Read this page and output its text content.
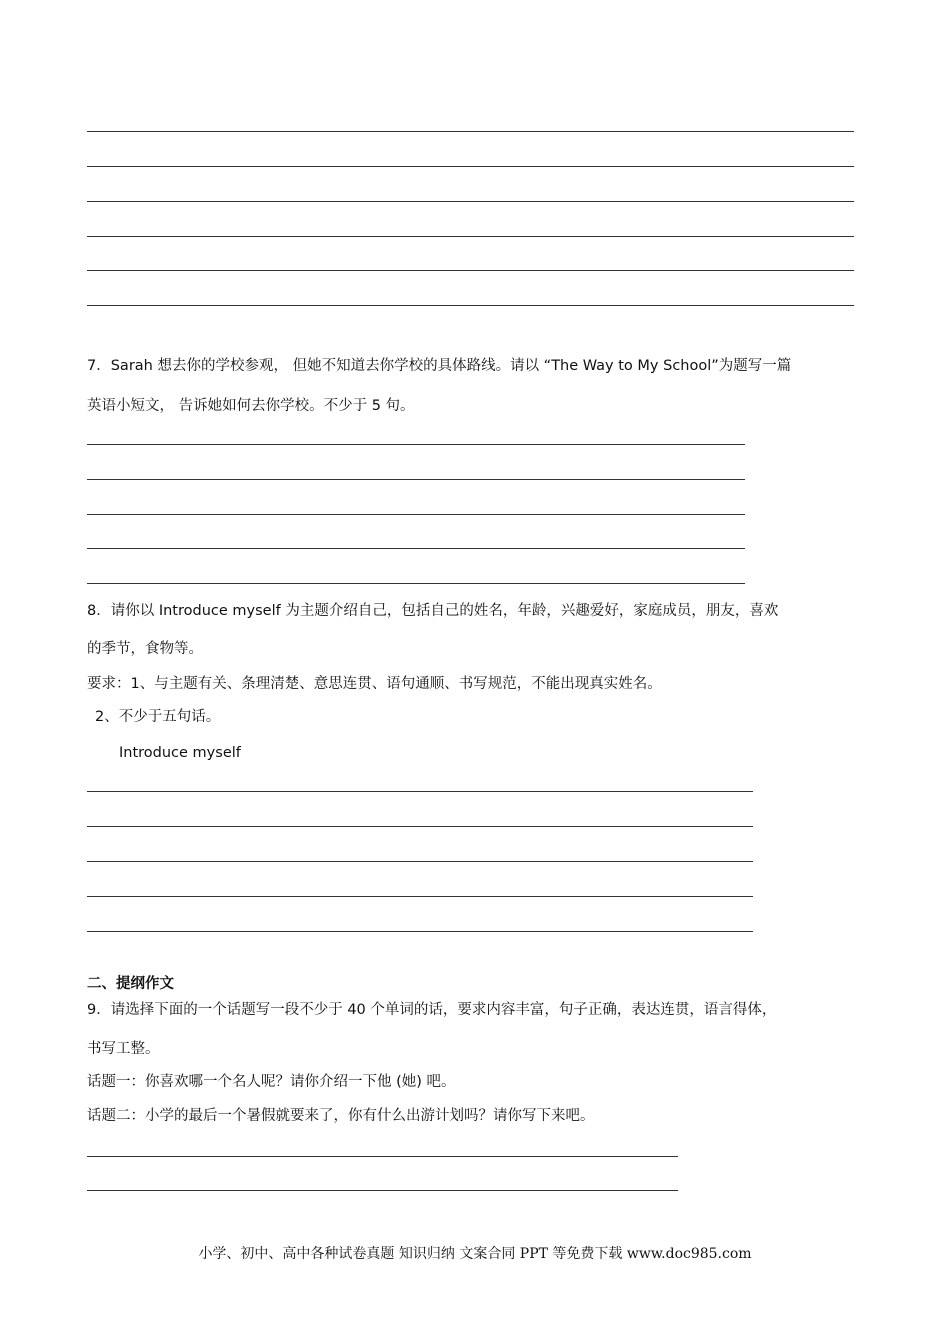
7．Sarah 想去你的学校参观， 但她不知道去你学校的具体路线。请以 “The Way to My School”为题写一篇
英语小短文， 告诉她如何去你学校。不少于 5 句。
8．请你以 Introduce myself 为主题介绍自己，包括自己的姓名，年龄，兴趣爱好，家庭成员，朋友，喜欢
的季节，食物等。
要求：1、与主题有关、条理清楚、意思连贯、语句通顺、书写规范，不能出现真实姓名。
2、不少于五句话。
Introduce myself
二、提纲作文
9．请选择下面的一个话题写一段不少于 40 个单词的话，要求内容丰富，句子正确，表达连贯，语言得体，
书写工整。
话题一：你喜欢哪一个名人呢？请你介绍一下他 (她) 吧。
话题二：小学的最后一个暑假就要来了，你有什么出游计划吗？请你写下来吧。
小学、初中、高中各种试卷真题 知识归纳 文案合同 PPT 等免费下载 www.doc985.com
